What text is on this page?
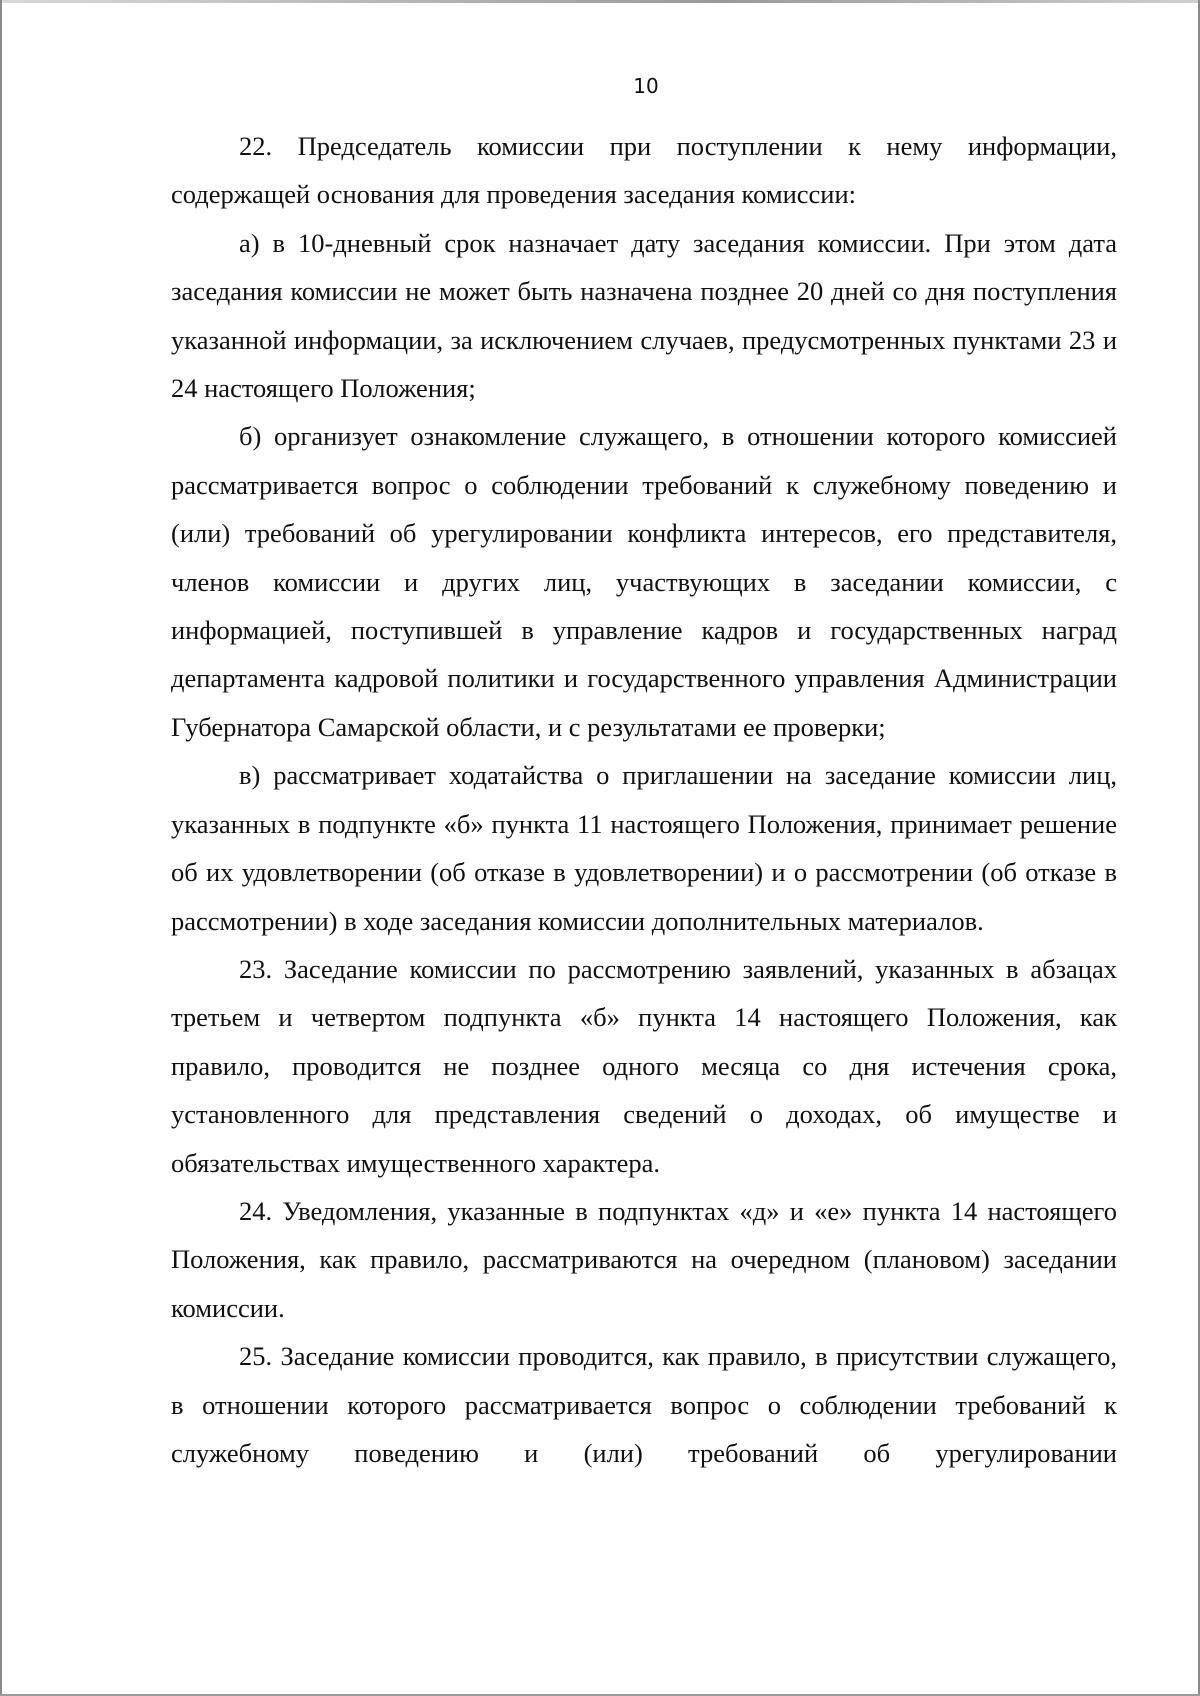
10

22. Председатель комиссии при поступлении к нему информации, содержащей основания для проведения заседания комиссии:

а) в 10-дневный срок назначает дату заседания комиссии. При этом дата заседания комиссии не может быть назначена позднее 20 дней со дня поступления указанной информации, за исключением случаев, предусмотренных пунктами 23 и 24 настоящего Положения;

б) организует ознакомление служащего, в отношении которого комиссией рассматривается вопрос о соблюдении требований к служебному поведению и (или) требований об урегулировании конфликта интересов, его представителя, членов комиссии и других лиц, участвующих в заседании комиссии, с информацией, поступившей в управление кадров и государственных наград департамента кадровой политики и государственного управления Администрации Губернатора Самарской области, и с результатами ее проверки;

в) рассматривает ходатайства о приглашении на заседание комиссии лиц, указанных в подпункте «б» пункта 11 настоящего Положения, принимает решение об их удовлетворении (об отказе в удовлетворении) и о рассмотрении (об отказе в рассмотрении) в ходе заседания комиссии дополнительных материалов.

23. Заседание комиссии по рассмотрению заявлений, указанных в абзацах третьем и четвертом подпункта «б» пункта 14 настоящего Положения, как правило, проводится не позднее одного месяца со дня истечения срока, установленного для представления сведений о доходах, об имуществе и обязательствах имущественного характера.

24. Уведомления, указанные в подпунктах «д» и «е» пункта 14 настоящего Положения, как правило, рассматриваются на очередном (плановом) заседании комиссии.

25. Заседание комиссии проводится, как правило, в присутствии служащего, в отношении которого рассматривается вопрос о соблюдении требований к служебному поведению и (или) требований об урегулировании
